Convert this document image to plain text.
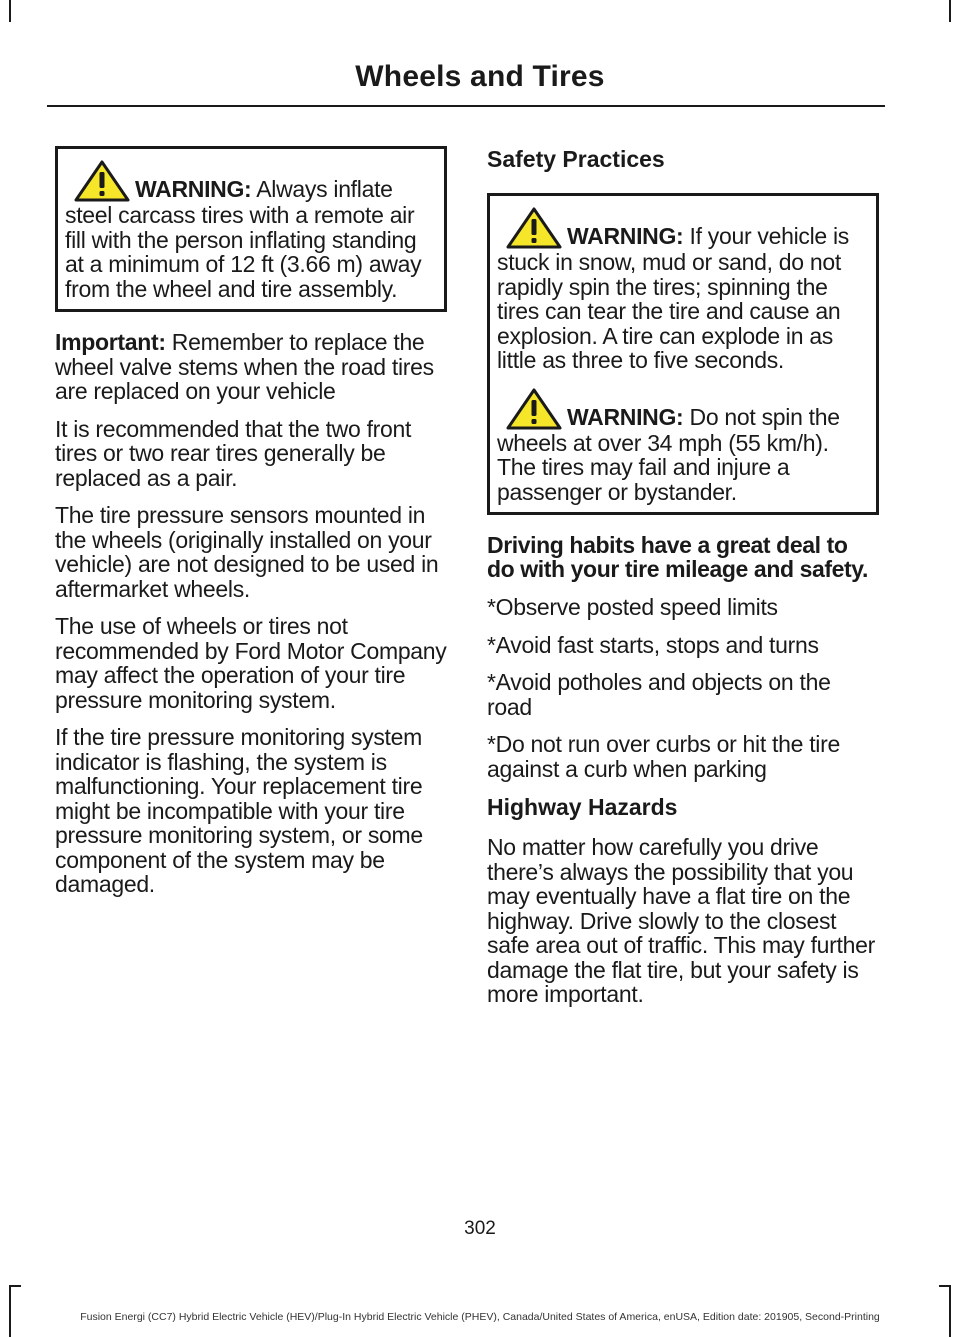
Wheels and Tires

WARNING: Always inflate steel carcass tires with a remote air fill with the person inflating standing at a minimum of 12 ft (3.66 m) away from the wheel and tire assembly.

Important: Remember to replace the wheel valve stems when the road tires are replaced on your vehicle

It is recommended that the two front tires or two rear tires generally be replaced as a pair.

The tire pressure sensors mounted in the wheels (originally installed on your vehicle) are not designed to be used in aftermarket wheels.

The use of wheels or tires not recommended by Ford Motor Company may affect the operation of your tire pressure monitoring system.

If the tire pressure monitoring system indicator is flashing, the system is malfunctioning. Your replacement tire might be incompatible with your tire pressure monitoring system, or some component of the system may be damaged.

Safety Practices

WARNING: If your vehicle is stuck in snow, mud or sand, do not rapidly spin the tires; spinning the tires can tear the tire and cause an explosion. A tire can explode in as little as three to five seconds.

WARNING: Do not spin the wheels at over 34 mph (55 km/h). The tires may fail and injure a passenger or bystander.

Driving habits have a great deal to do with your tire mileage and safety.

*Observe posted speed limits

*Avoid fast starts, stops and turns

*Avoid potholes and objects on the road

*Do not run over curbs or hit the tire against a curb when parking

Highway Hazards

No matter how carefully you drive there’s always the possibility that you may eventually have a flat tire on the highway. Drive slowly to the closest safe area out of traffic. This may further damage the flat tire, but your safety is more important.

302
Fusion Energi (CC7) Hybrid Electric Vehicle (HEV)/Plug-In Hybrid Electric Vehicle (PHEV), Canada/United States of America, enUSA, Edition date: 201905, Second-Printing
